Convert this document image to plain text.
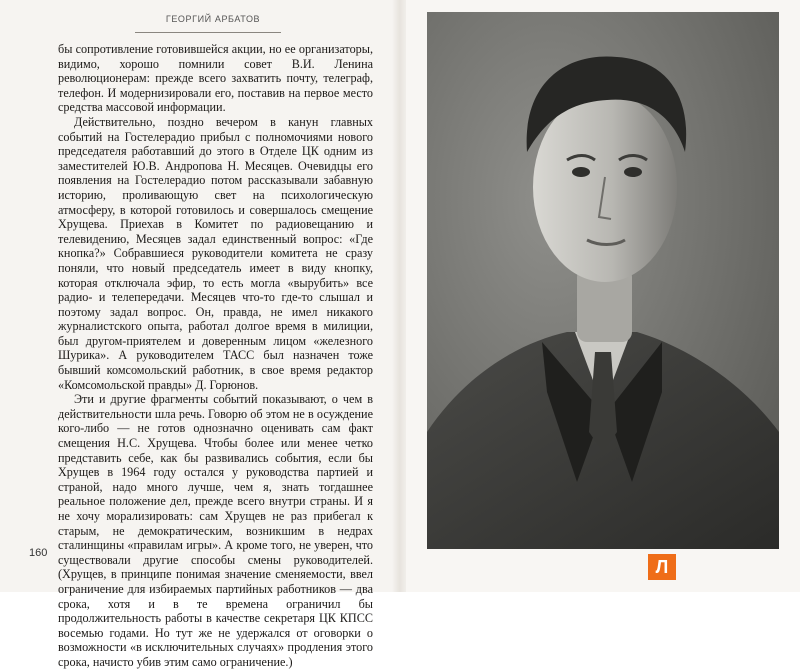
ГЕОРГИЙ АРБАТОВ

бы сопротивление готовившейся акции, но ее организаторы, видимо, хорошо помнили совет В.И. Ленина революционерам: прежде всего захватить почту, телеграф, телефон. И модернизировали его, поставив на первое место средства массовой информации.

Действительно, поздно вечером в канун главных событий на Гостелерадио прибыл с полномочиями нового председателя работавший до этого в Отделе ЦК одним из заместителей Ю.В. Андропова Н. Месяцев. Очевидцы его появления на Гостелерадио потом рассказывали забавную историю, проливающую свет на психологическую атмосферу, в которой готовилось и совершалось смещение Хрущева. Приехав в Комитет по радиовещанию и телевидению, Месяцев задал единственный вопрос: «Где кнопка?» Собравшиеся руководители комитета не сразу поняли, что новый председатель имеет в виду кнопку, которая отключала эфир, то есть могла «вырубить» все радио- и телепередачи. Месяцев что-то где-то слышал и поэтому задал вопрос. Он, правда, не имел никакого журналистского опыта, работал долгое время в милиции, был другом-приятелем и доверенным лицом «железного Шурика». А руководителем ТАСС был назначен тоже бывший комсомольский работник, в свое время редактор «Комсомольской правды» Д. Горюнов.

Эти и другие фрагменты событий показывают, о чем в действительности шла речь. Говорю об этом не в осуждение кого-либо — не готов однозначно оценивать сам факт смещения Н.С. Хрущева. Чтобы более или менее четко представить себе, как бы развивались события, если бы Хрущев в 1964 году остался у руководства партией и страной, надо много лучше, чем я, знать тогдашнее реальное положение дел, прежде всего внутри страны. И я не хочу морализировать: сам Хрущев не раз прибегал к старым, не демократическим, возникшим в недрах сталинщины «правилам игры». А кроме того, не уверен, что существовали другие способы смены руководителей. (Хрущев, в принципе понимая значение сменяемости, ввел ограничение для избираемых партийных работников — два срока, хотя и в те времена ограничил бы продолжительность работы в качестве секретаря ЦК КПСС восемью годами. Но тут же не удержался от оговорки о возможности «в исключительных случаях» продления этого срока, начисто убив этим само ограничение.)

160
Л
